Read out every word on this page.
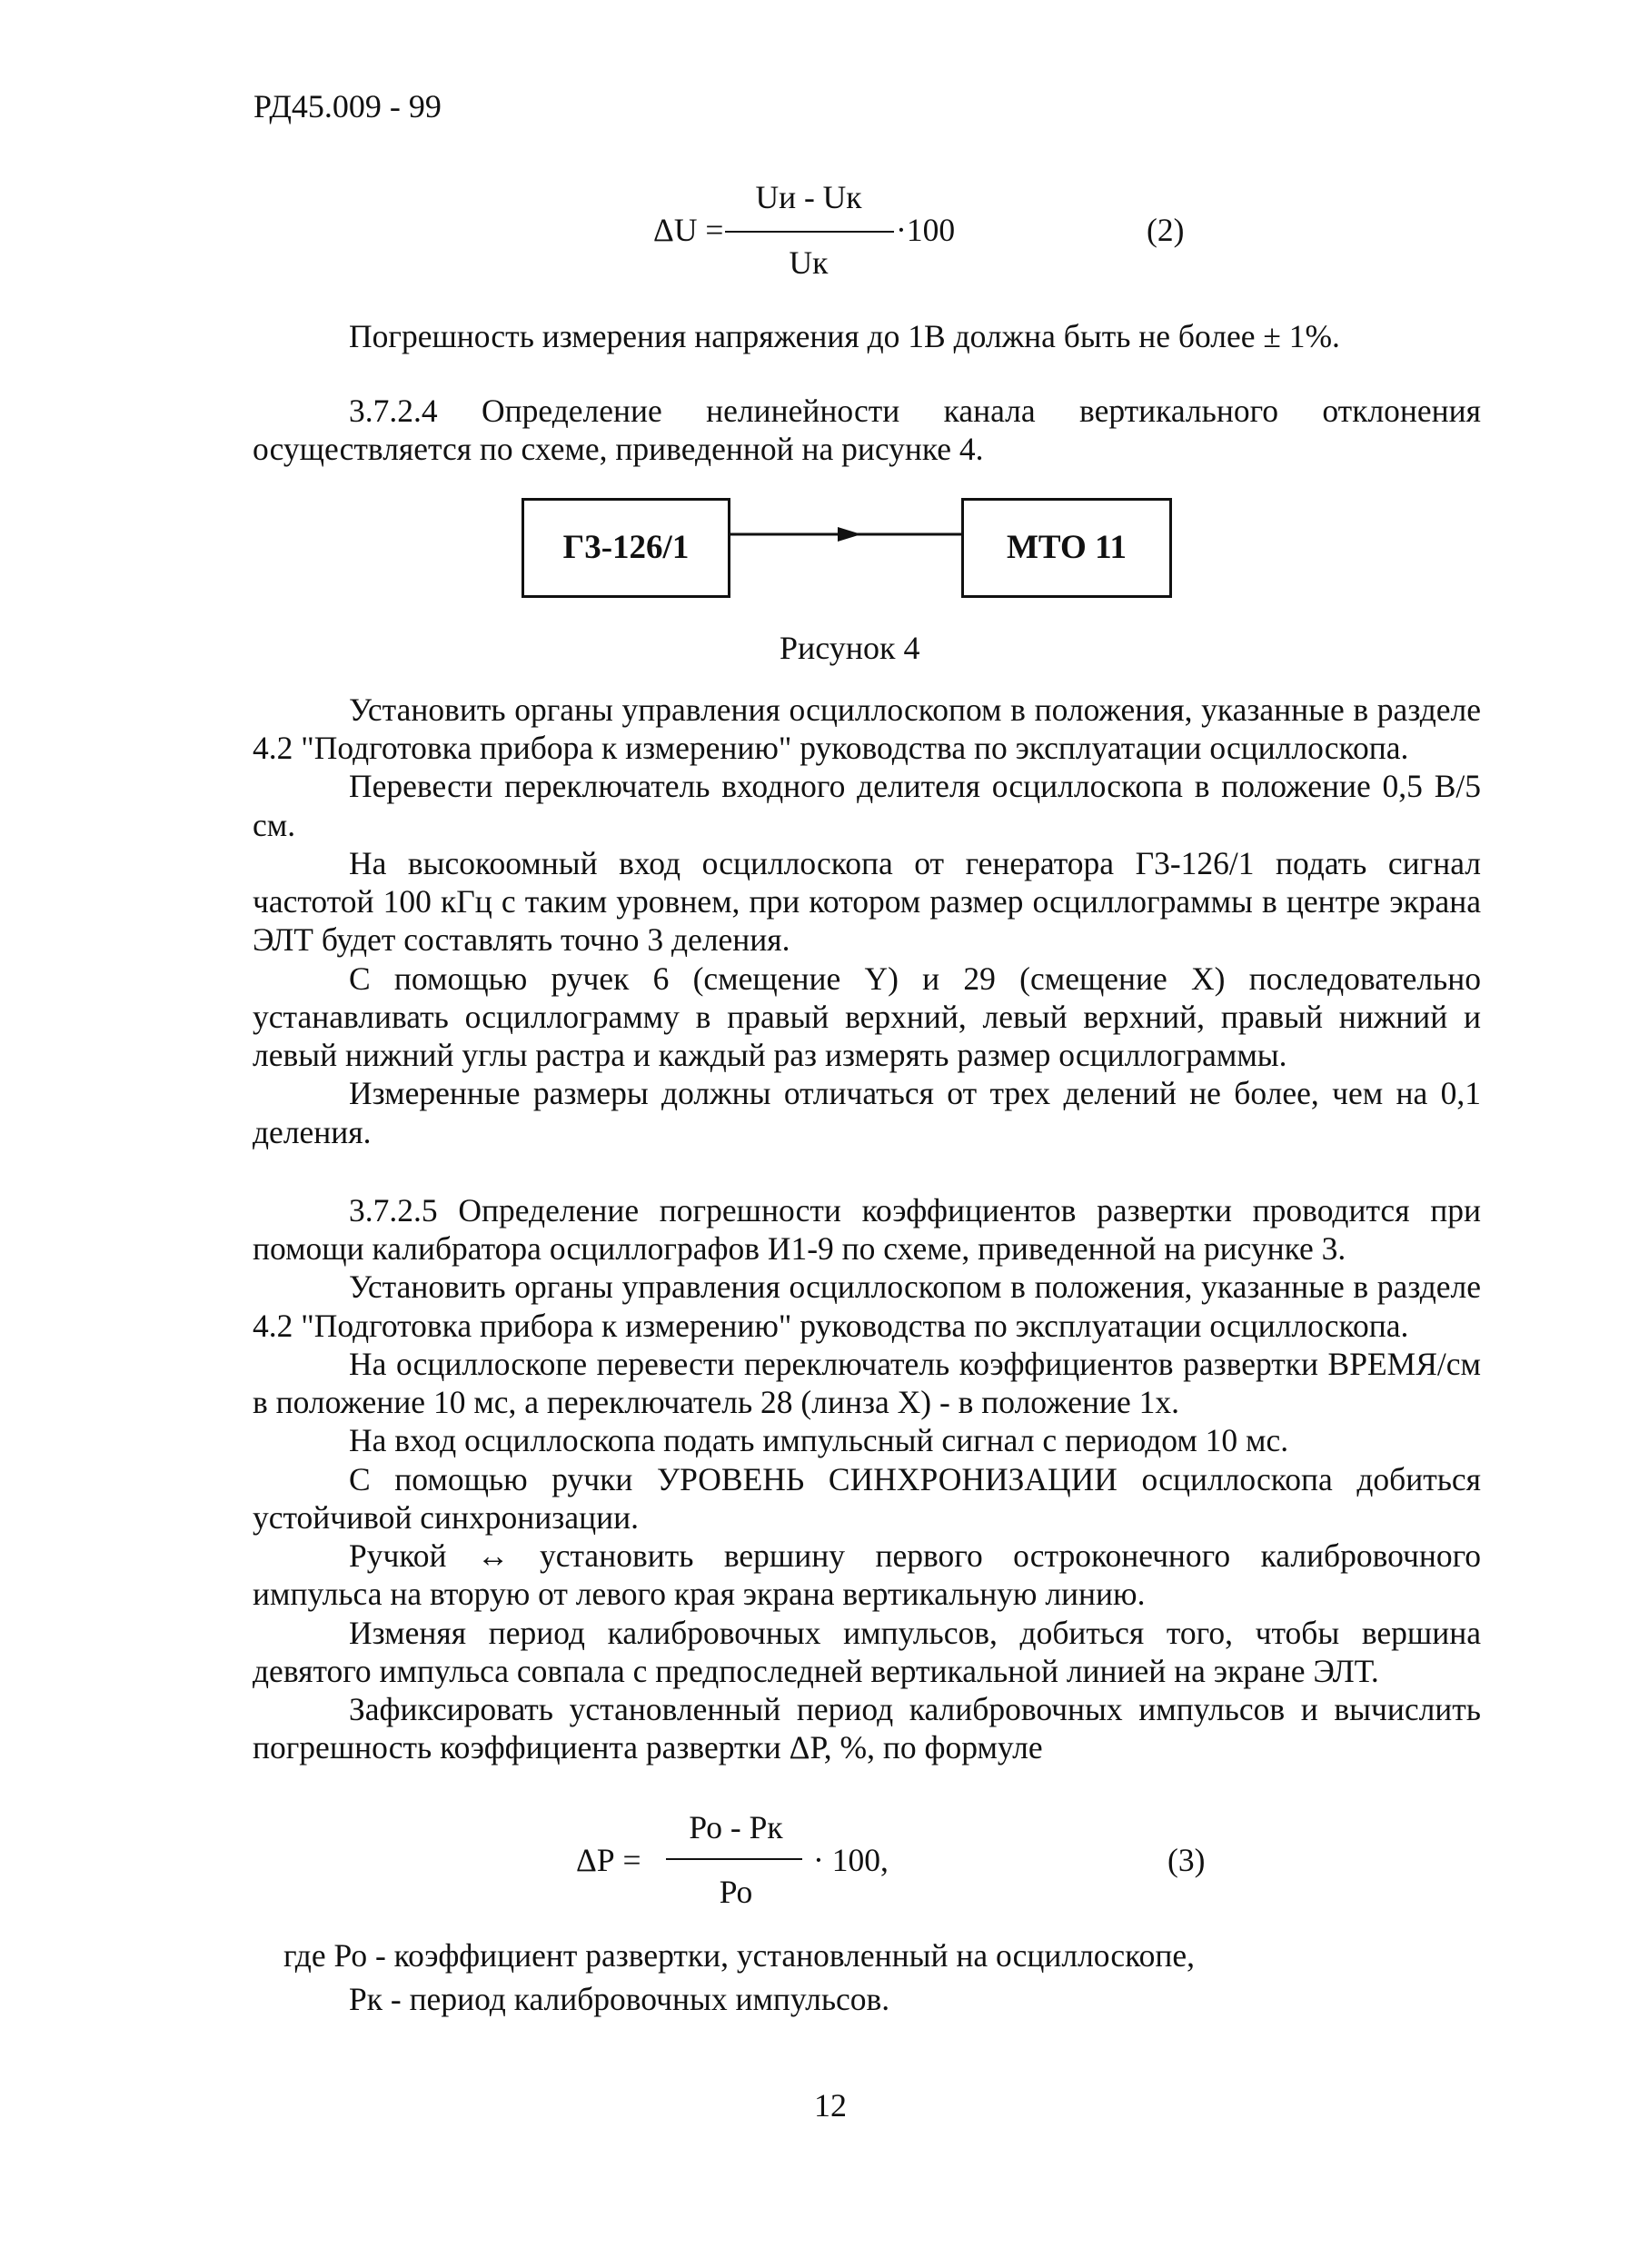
РД45.009 - 99
ΔU =
Uи - Uк
Uк
·100	(2)
Погрешность измерения напряжения до 1В должна быть не более ± 1%.

3.7.2.4 Определение нелинейности канала вертикального отклонения осуществляется по схеме, приведенной на рисунке 4.

Г3-126/1	МТО 11
Рисунок 4

Установить органы управления осциллоскопом в положения, указанные в разделе 4.2 "Подготовка прибора к измерению" руководства по эксплуатации осциллоскопа.

Перевести переключатель входного делителя осциллоскопа в положение 0,5 В/5 см.

На высокоомный вход осциллоскопа от генератора Г3-126/1 подать сигнал частотой 100 кГц с таким уровнем, при котором размер осциллограммы в центре экрана ЭЛТ будет составлять точно 3 деления.

С помощью ручек 6 (смещение Y) и 29 (смещение X) последовательно устанавливать осциллограмму в правый верхний, левый верхний, правый нижний и левый нижний углы растра и каждый раз измерять размер осциллограммы.

Измеренные размеры должны отличаться от трех делений не более, чем на 0,1 деления.

3.7.2.5 Определение погрешности коэффициентов развертки проводится при помощи калибратора осциллографов И1-9 по схеме, приведенной на рисунке 3.

Установить органы управления осциллоскопом в положения, указанные в разделе 4.2 "Подготовка прибора к измерению" руководства по эксплуатации осциллоскопа.

На осциллоскопе перевести переключатель коэффициентов развертки ВРЕМЯ/см в положение 10 мс, а переключатель 28 (линза X) - в положение 1х.

На вход осциллоскопа подать импульсный сигнал с периодом 10 мс.

С помощью ручки УРОВЕНЬ СИНХРОНИЗАЦИИ осциллоскопа добиться устойчивой синхронизации.

Ручкой ↔ установить вершину первого остроконечного калибровочного импульса на вторую от левого края экрана вертикальную линию.

Изменяя период калибровочных импульсов, добиться того, чтобы вершина девятого импульса совпала с предпоследней вертикальной линией на экране ЭЛТ.

Зафиксировать установленный период калибровочных импульсов и вычислить погрешность коэффициента развертки ΔР, %, по формуле

ΔР =
Ро - Рк
Ро
· 100,	(3)
где Ро - коэффициент развертки, установленный на осциллоскопе,
Рк - период калибровочных импульсов.
12
